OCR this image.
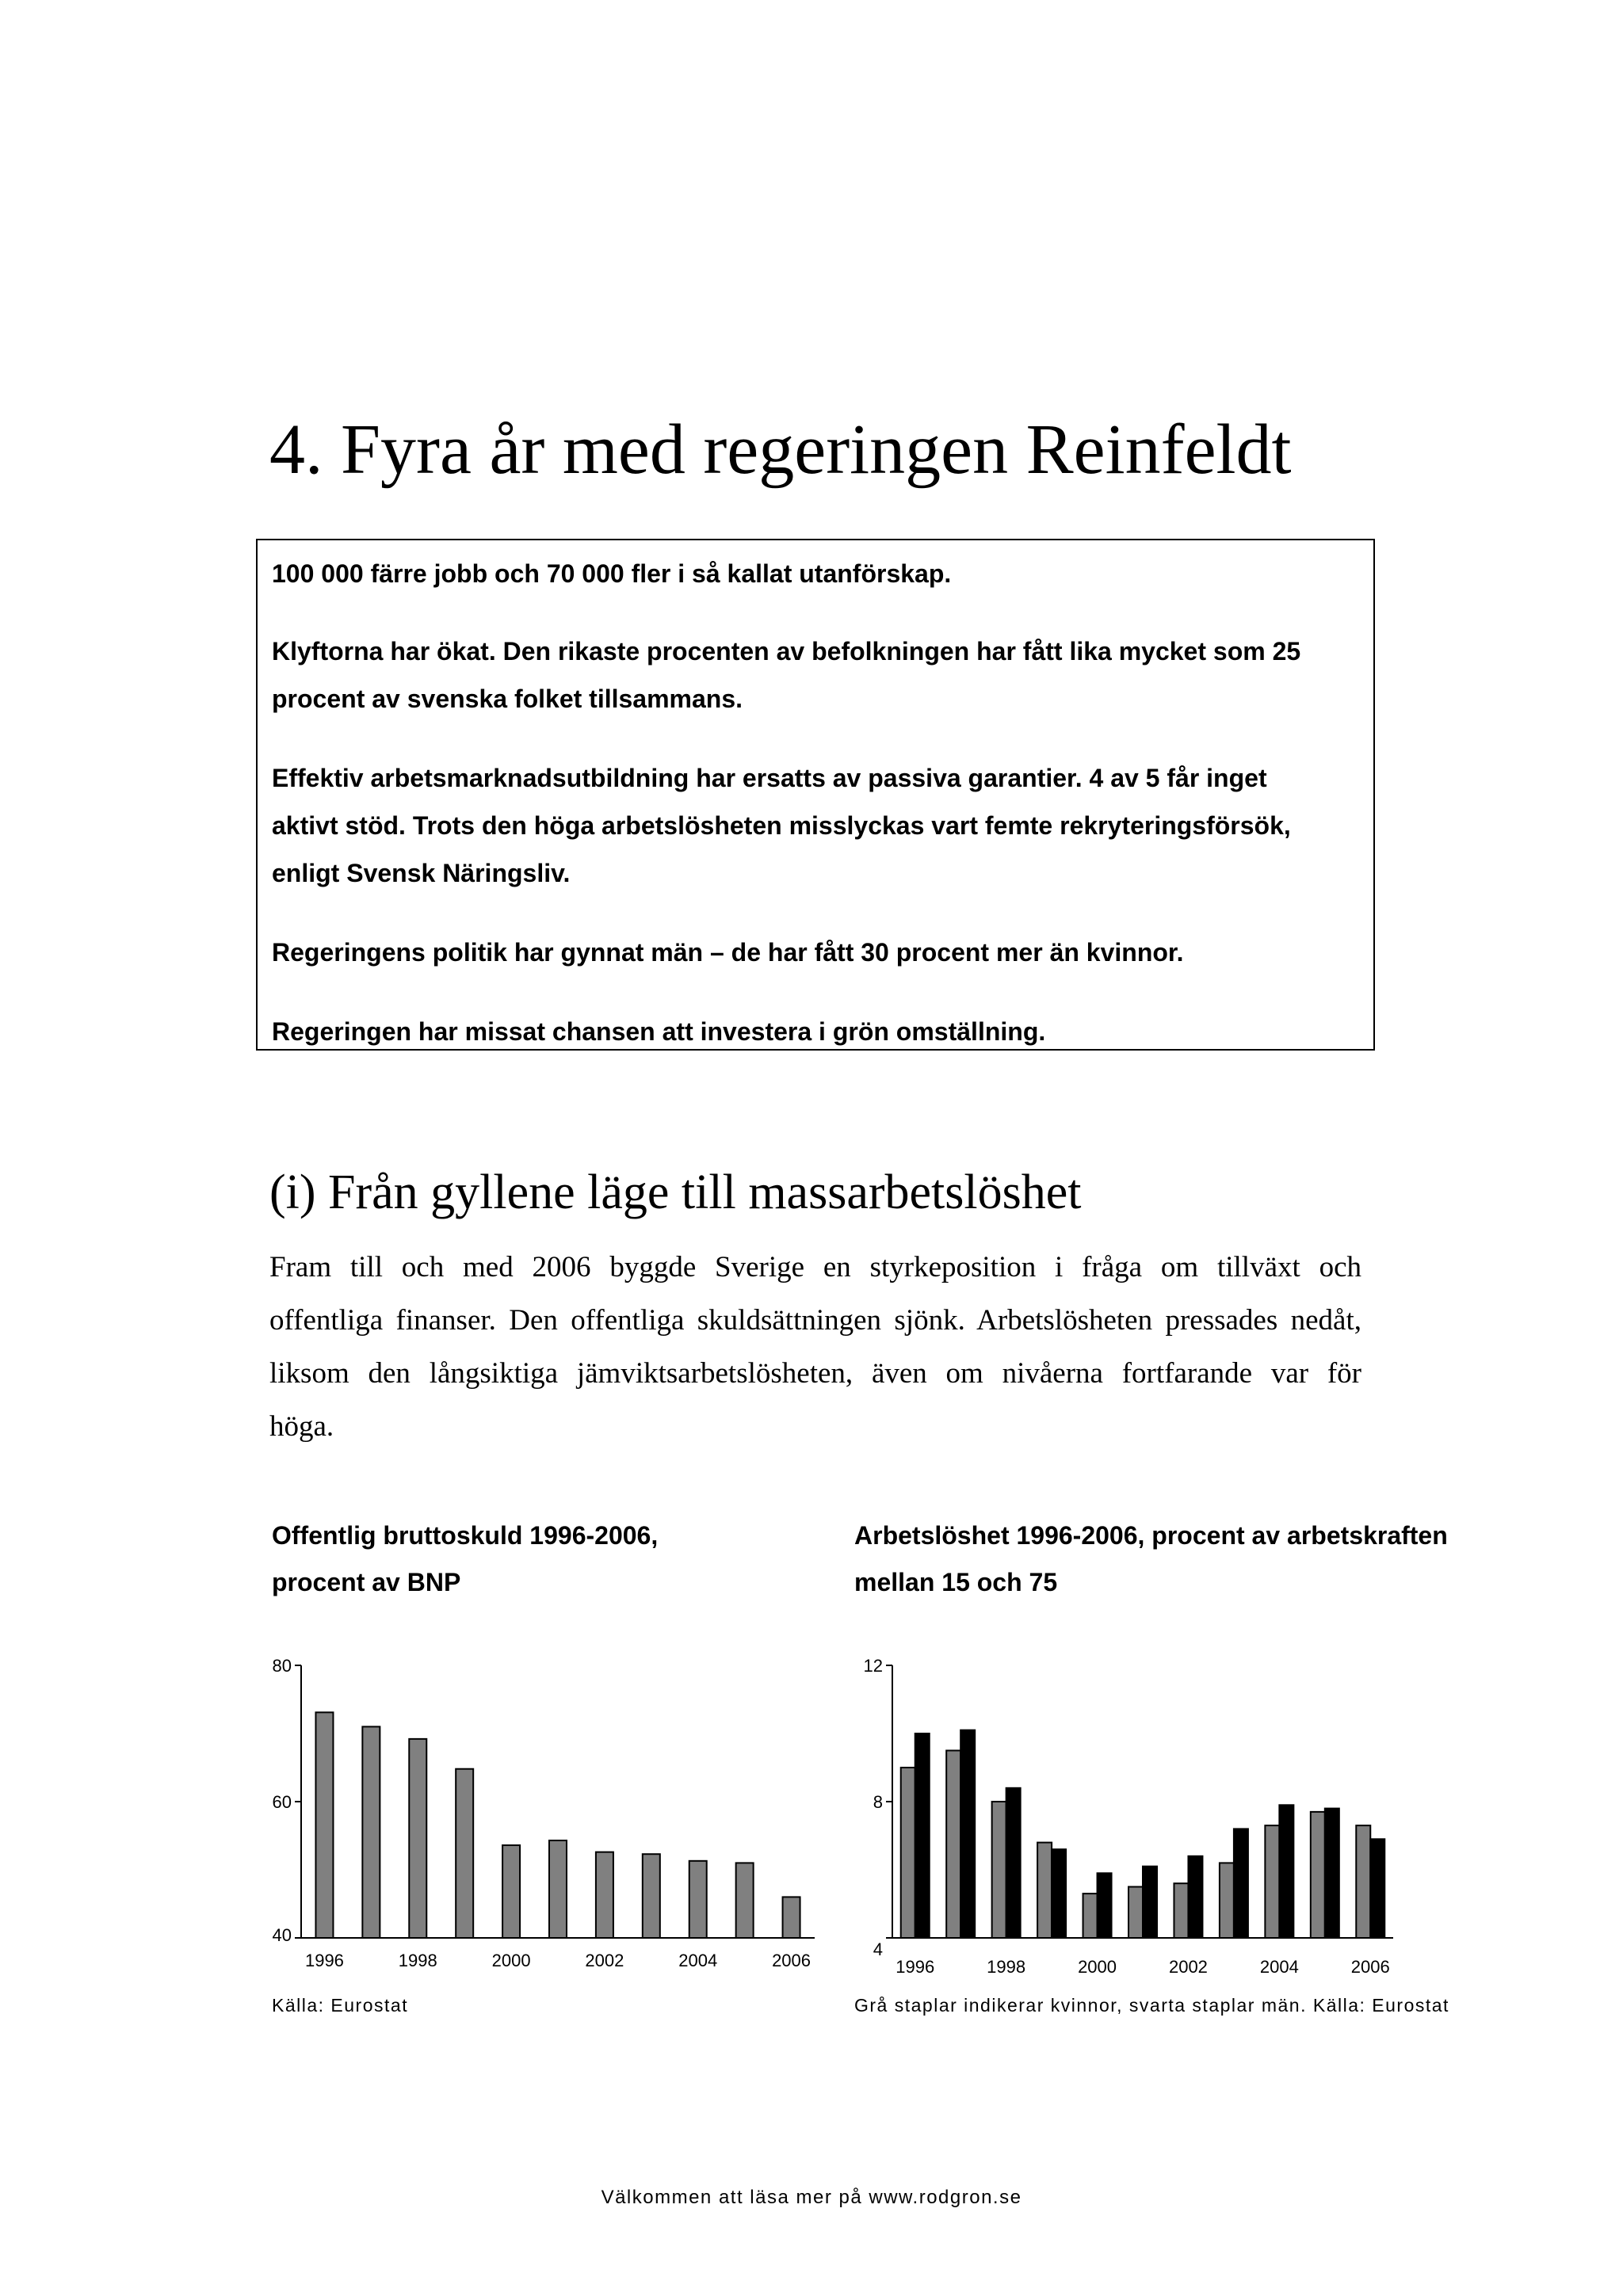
4. Fyra år med regeringen Reinfeldt
100 000 färre jobb och 70 000 fler i så kallat utanförskap.
Klyftorna har ökat. Den rikaste procenten av befolkningen har fått lika mycket som 25
procent av svenska folket tillsammans.
Effektiv arbetsmarknadsutbildning har ersatts av passiva garantier. 4 av 5 får inget
aktivt stöd. Trots den höga arbetslösheten misslyckas vart femte rekryteringsförsök,
enligt Svensk Näringsliv.
Regeringens politik har gynnat män – de har fått 30 procent mer än kvinnor.
Regeringen har missat chansen att investera i grön omställning.
(i) Från gyllene läge till massarbetslöshet
Fram till och med 2006 byggde Sverige en styrkeposition i fråga om tillväxt och
offentliga finanser. Den offentliga skuldsättningen sjönk. Arbetslösheten pressades nedåt,
liksom den långsiktiga jämviktsarbetslösheten, även om nivåerna fortfarande var för
höga.
Offentlig bruttoskuld 1996-2006,
procent av BNP
80
60
40
1996	1998	2000	2002	2004	2006
Källa: Eurostat
Arbetslöshet 1996-2006, procent av arbetskraften
mellan 15 och 75
12
8
4
1996	1998	2000	2002	2004	2006
Grå staplar indikerar kvinnor, svarta staplar män. Källa: Eurostat
Välkommen att läsa mer på www.rodgron.se
